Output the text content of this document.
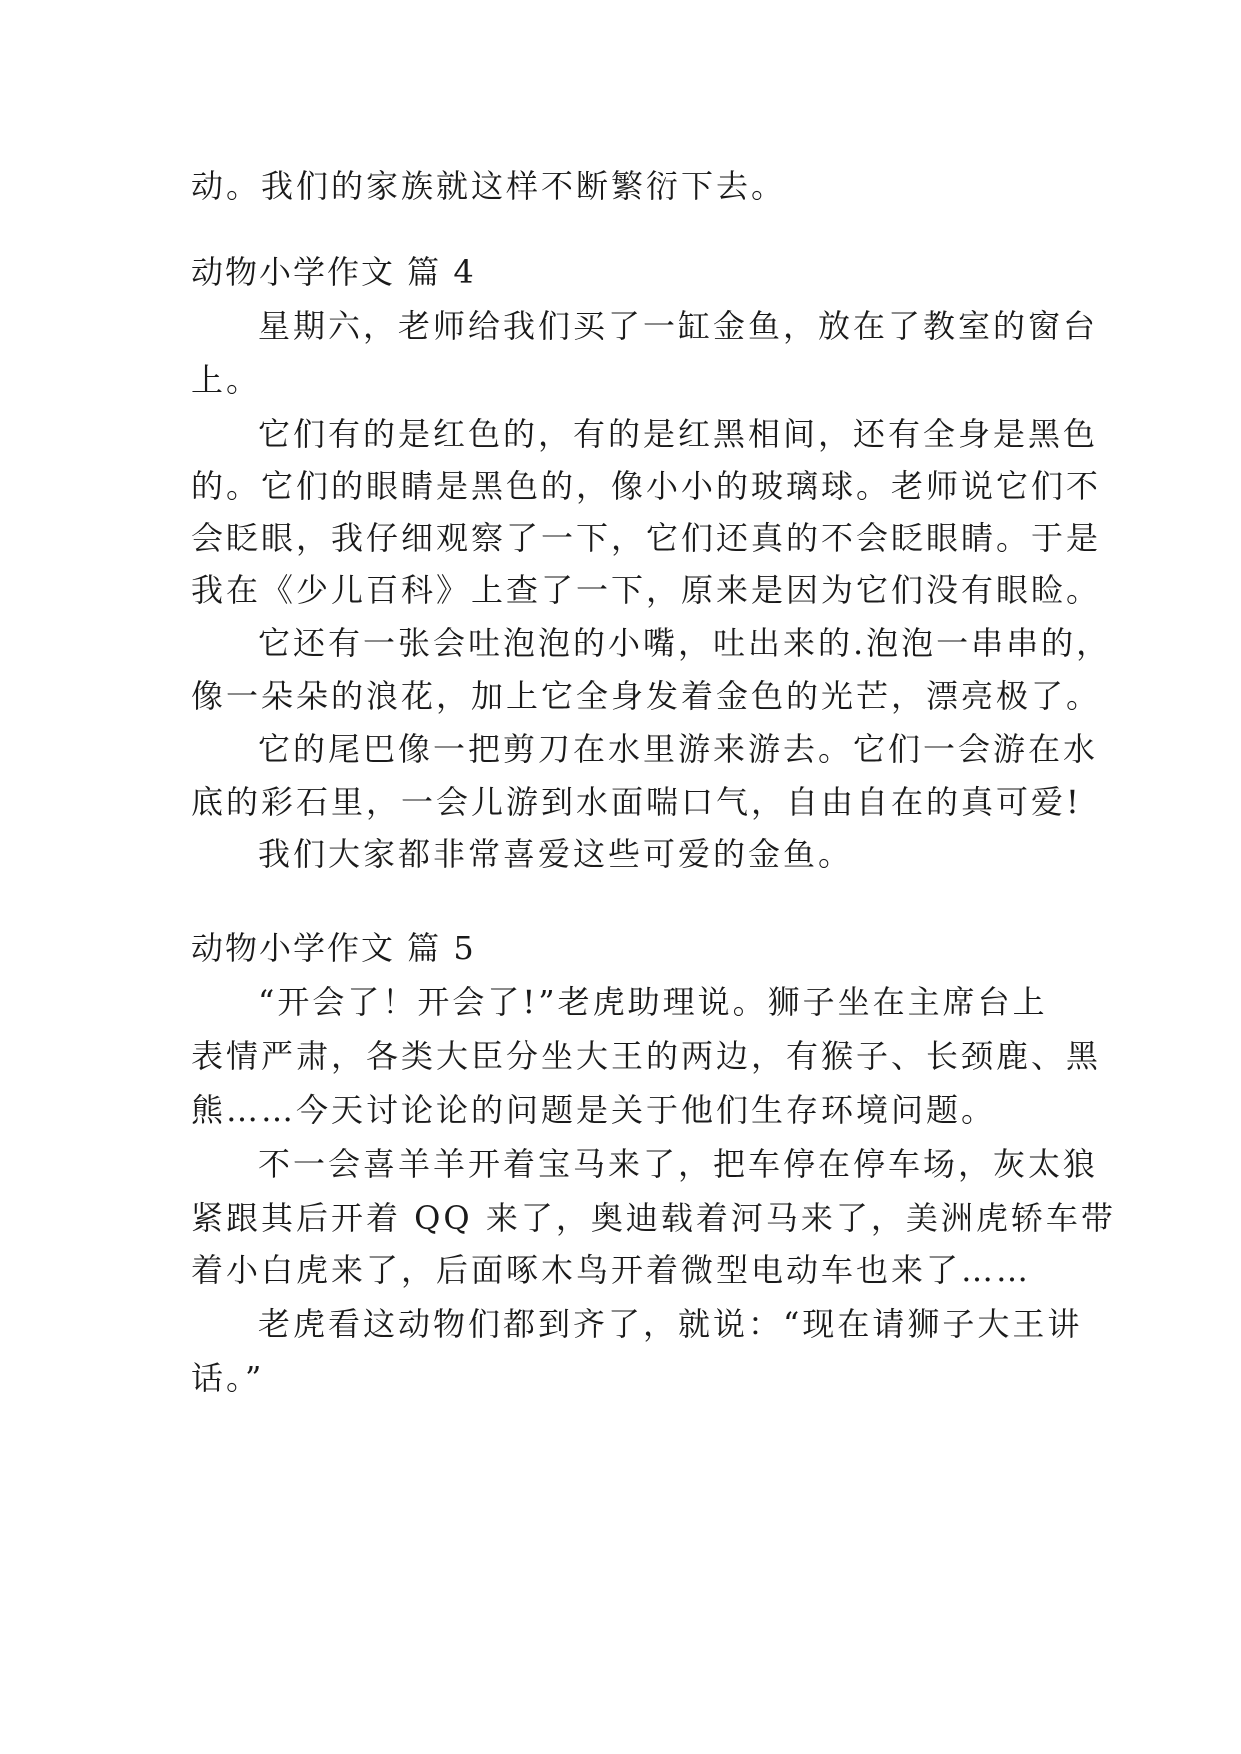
动。我们的家族就这样不断繁衍下去。
动物小学作文 篇 4
星期六，老师给我们买了一缸金鱼，放在了教室的窗台
上。
它们有的是红色的，有的是红黑相间，还有全身是黑色
的。它们的眼睛是黑色的，像小小的玻璃球。老师说它们不
会眨眼，我仔细观察了一下，它们还真的不会眨眼睛。于是
我在《少儿百科》上查了一下，原来是因为它们没有眼睑。
它还有一张会吐泡泡的小嘴，吐出来的.泡泡一串串的，
像一朵朵的浪花，加上它全身发着金色的光芒，漂亮极了。
它的尾巴像一把剪刀在水里游来游去。它们一会游在水
底的彩石里，一会儿游到水面喘口气，自由自在的真可爱!
我们大家都非常喜爱这些可爱的金鱼。
动物小学作文 篇 5
“开会了！开会了!”老虎助理说。狮子坐在主席台上
表情严肃，各类大臣分坐大王的两边，有猴子、长颈鹿、黑
熊……今天讨论论的问题是关于他们生存环境问题。
不一会喜羊羊开着宝马来了，把车停在停车场，灰太狼
紧跟其后开着 QQ 来了，奥迪载着河马来了，美洲虎轿车带
着小白虎来了，后面啄木鸟开着微型电动车也来了……
老虎看这动物们都到齐了，就说：“现在请狮子大王讲
话。”
